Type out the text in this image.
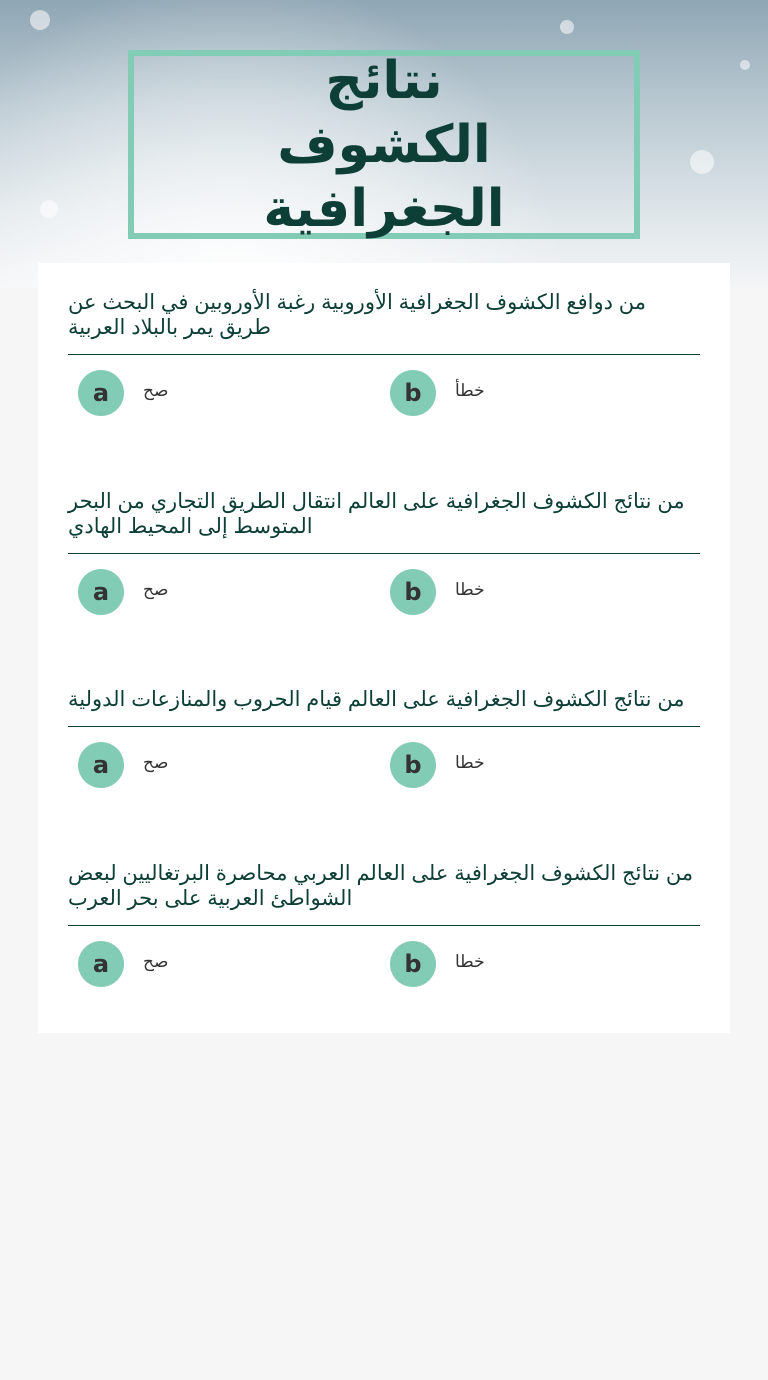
نتائج الكشوف الجغرافية
من دوافع الكشوف الجغرافية الأوروبية رغبة الأوروبين في البحث عن طريق يمر بالبلاد العربية
a	صح	b	خطأ
من نتائج الكشوف الجغرافية على العالم انتقال الطريق التجاري من البحر المتوسط إلى المحيط الهادي
a	صح	b	خطا
من نتائج الكشوف الجغرافية على العالم قيام الحروب والمنازعات الدولية
a	صح	b	خطا
من نتائج الكشوف الجغرافية على العالم العربي محاصرة البرتغاليين لبعض الشواطئ العربية على بحر العرب
a	صح	b	خطا
